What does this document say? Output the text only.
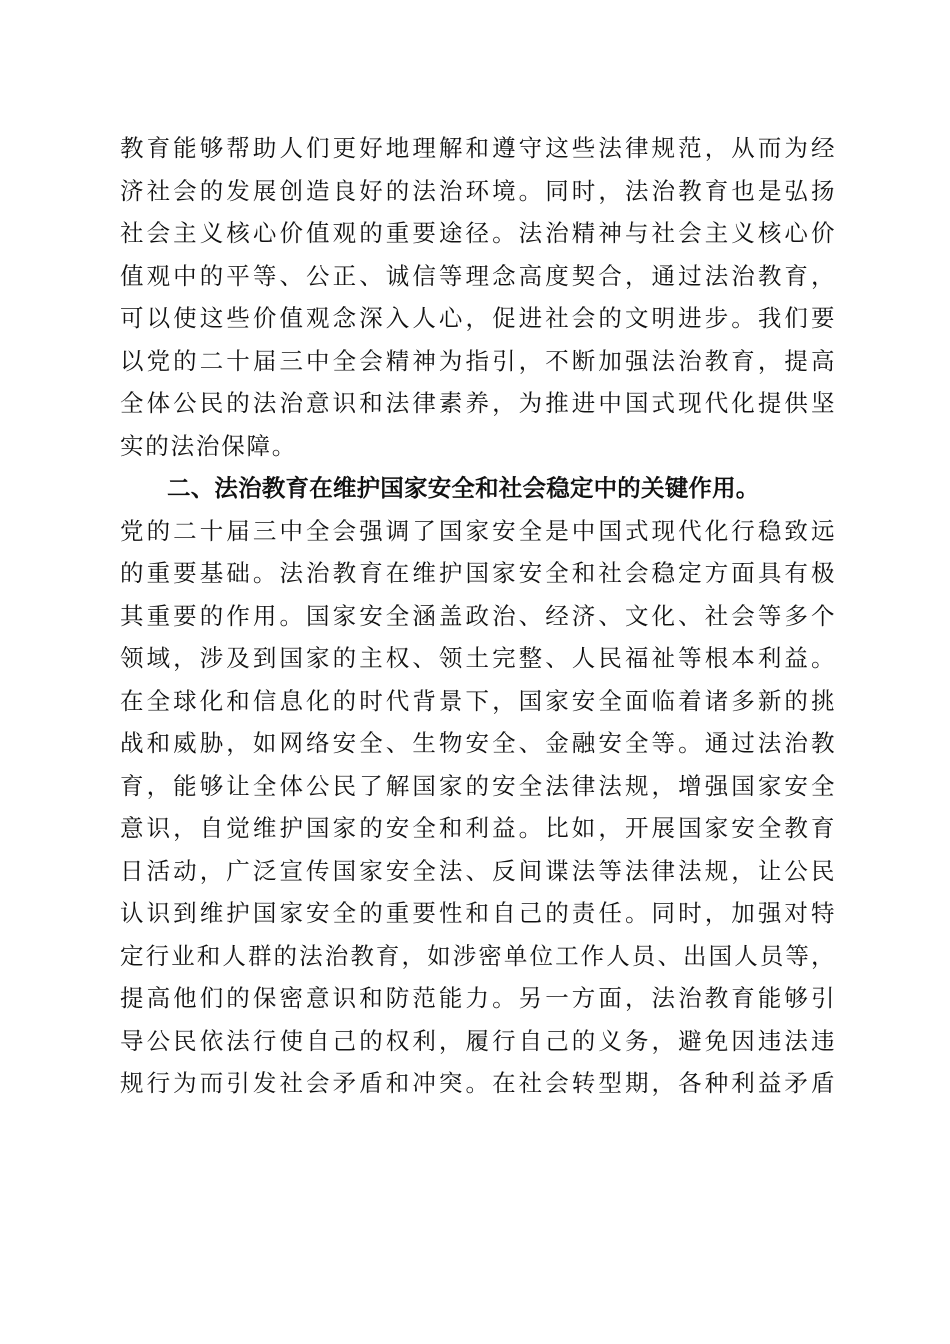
教育能够帮助人们更好地理解和遵守这些法律规范，从而为经
济社会的发展创造良好的法治环境。同时，法治教育也是弘扬
社会主义核心价值观的重要途径。法治精神与社会主义核心价
值观中的平等、公正、诚信等理念高度契合，通过法治教育，
可以使这些价值观念深入人心，促进社会的文明进步。我们要
以党的二十届三中全会精神为指引，不断加强法治教育，提高
全体公民的法治意识和法律素养，为推进中国式现代化提供坚
实的法治保障。
二、法治教育在维护国家安全和社会稳定中的关键作用。
党的二十届三中全会强调了国家安全是中国式现代化行稳致远
的重要基础。法治教育在维护国家安全和社会稳定方面具有极
其重要的作用。国家安全涵盖政治、经济、文化、社会等多个
领域，涉及到国家的主权、领土完整、人民福祉等根本利益。
在全球化和信息化的时代背景下，国家安全面临着诸多新的挑
战和威胁，如网络安全、生物安全、金融安全等。通过法治教
育，能够让全体公民了解国家的安全法律法规，增强国家安全
意识，自觉维护国家的安全和利益。比如，开展国家安全教育
日活动，广泛宣传国家安全法、反间谍法等法律法规，让公民
认识到维护国家安全的重要性和自己的责任。同时，加强对特
定行业和人群的法治教育，如涉密单位工作人员、出国人员等，
提高他们的保密意识和防范能力。另一方面，法治教育能够引
导公民依法行使自己的权利，履行自己的义务，避免因违法违
规行为而引发社会矛盾和冲突。在社会转型期，各种利益矛盾
